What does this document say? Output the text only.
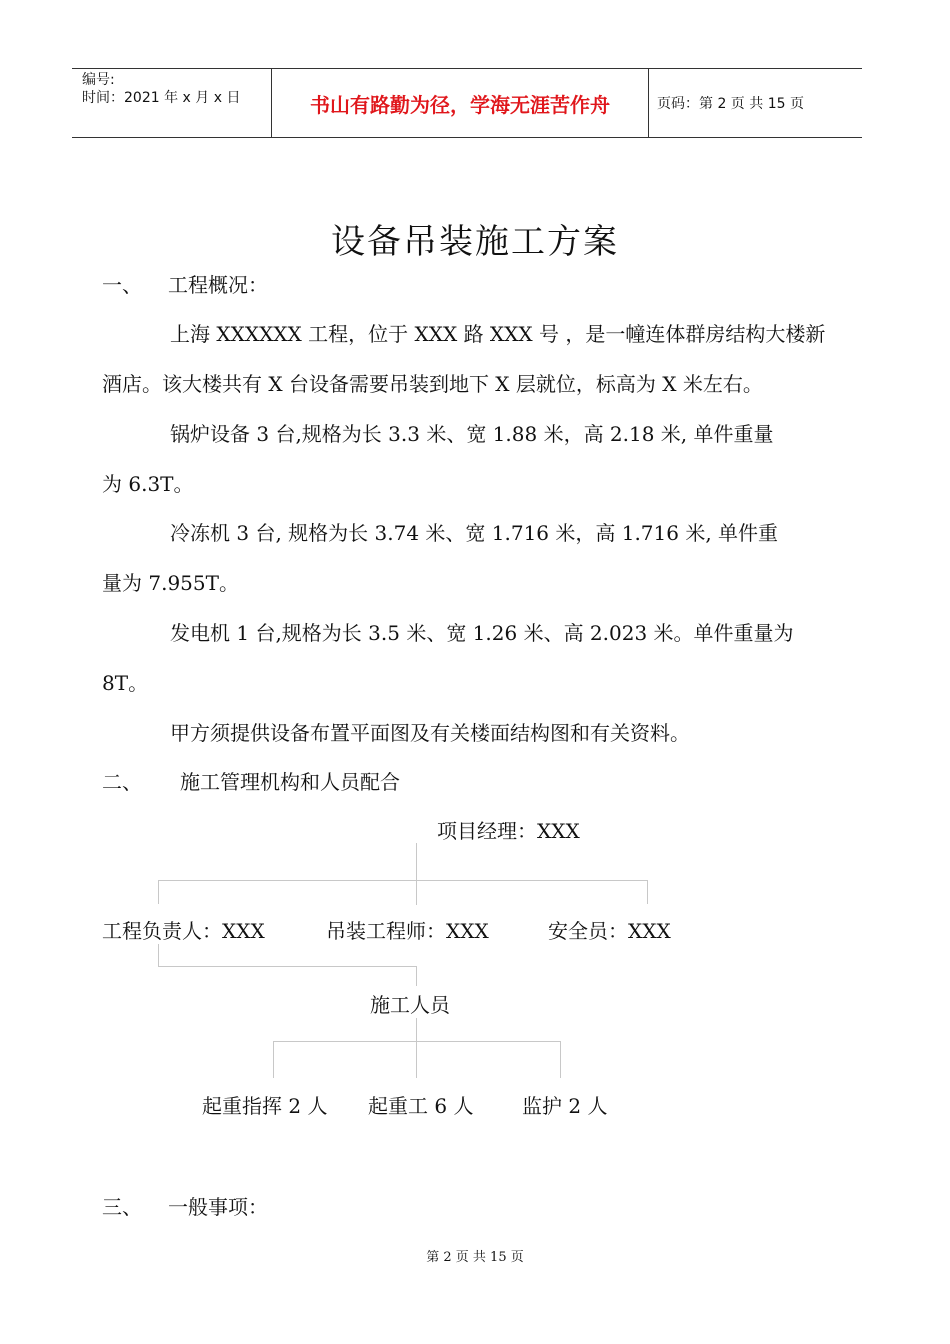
编号:
时间：2021 年 x 月 x 日	书山有路勤为径，学海无涯苦作舟	页码：第 2 页 共 15 页
设备吊装施工方案
一、 工程概况：
上海 XXXXXX 工程，位于 XXX 路 XXX 号 ，是一幢连体群房结构大楼新
酒店。该大楼共有 X 台设备需要吊装到地下 X 层就位，标高为 X 米左右。
锅炉设备 3 台,规格为长 3.3 米、宽 1.88 米，高 2.18 米, 单件重量
为 6.3T。
冷冻机 3 台, 规格为长 3.74 米、宽 1.716 米，高 1.716 米, 单件重
量为 7.955T。
发电机 1 台,规格为长 3.5 米、宽 1.26 米、高 2.023 米。单件重量为
8T。
甲方须提供设备布置平面图及有关楼面结构图和有关资料。
二、 施工管理机构和人员配合
项目经理：XXX
工程负责人：XXX	吊装工程师：XXX	安全员：XXX
施工人员
起重指挥 2 人 起重工 6 人 监护 2 人
三、 一般事项：
第 2 页 共 15 页
